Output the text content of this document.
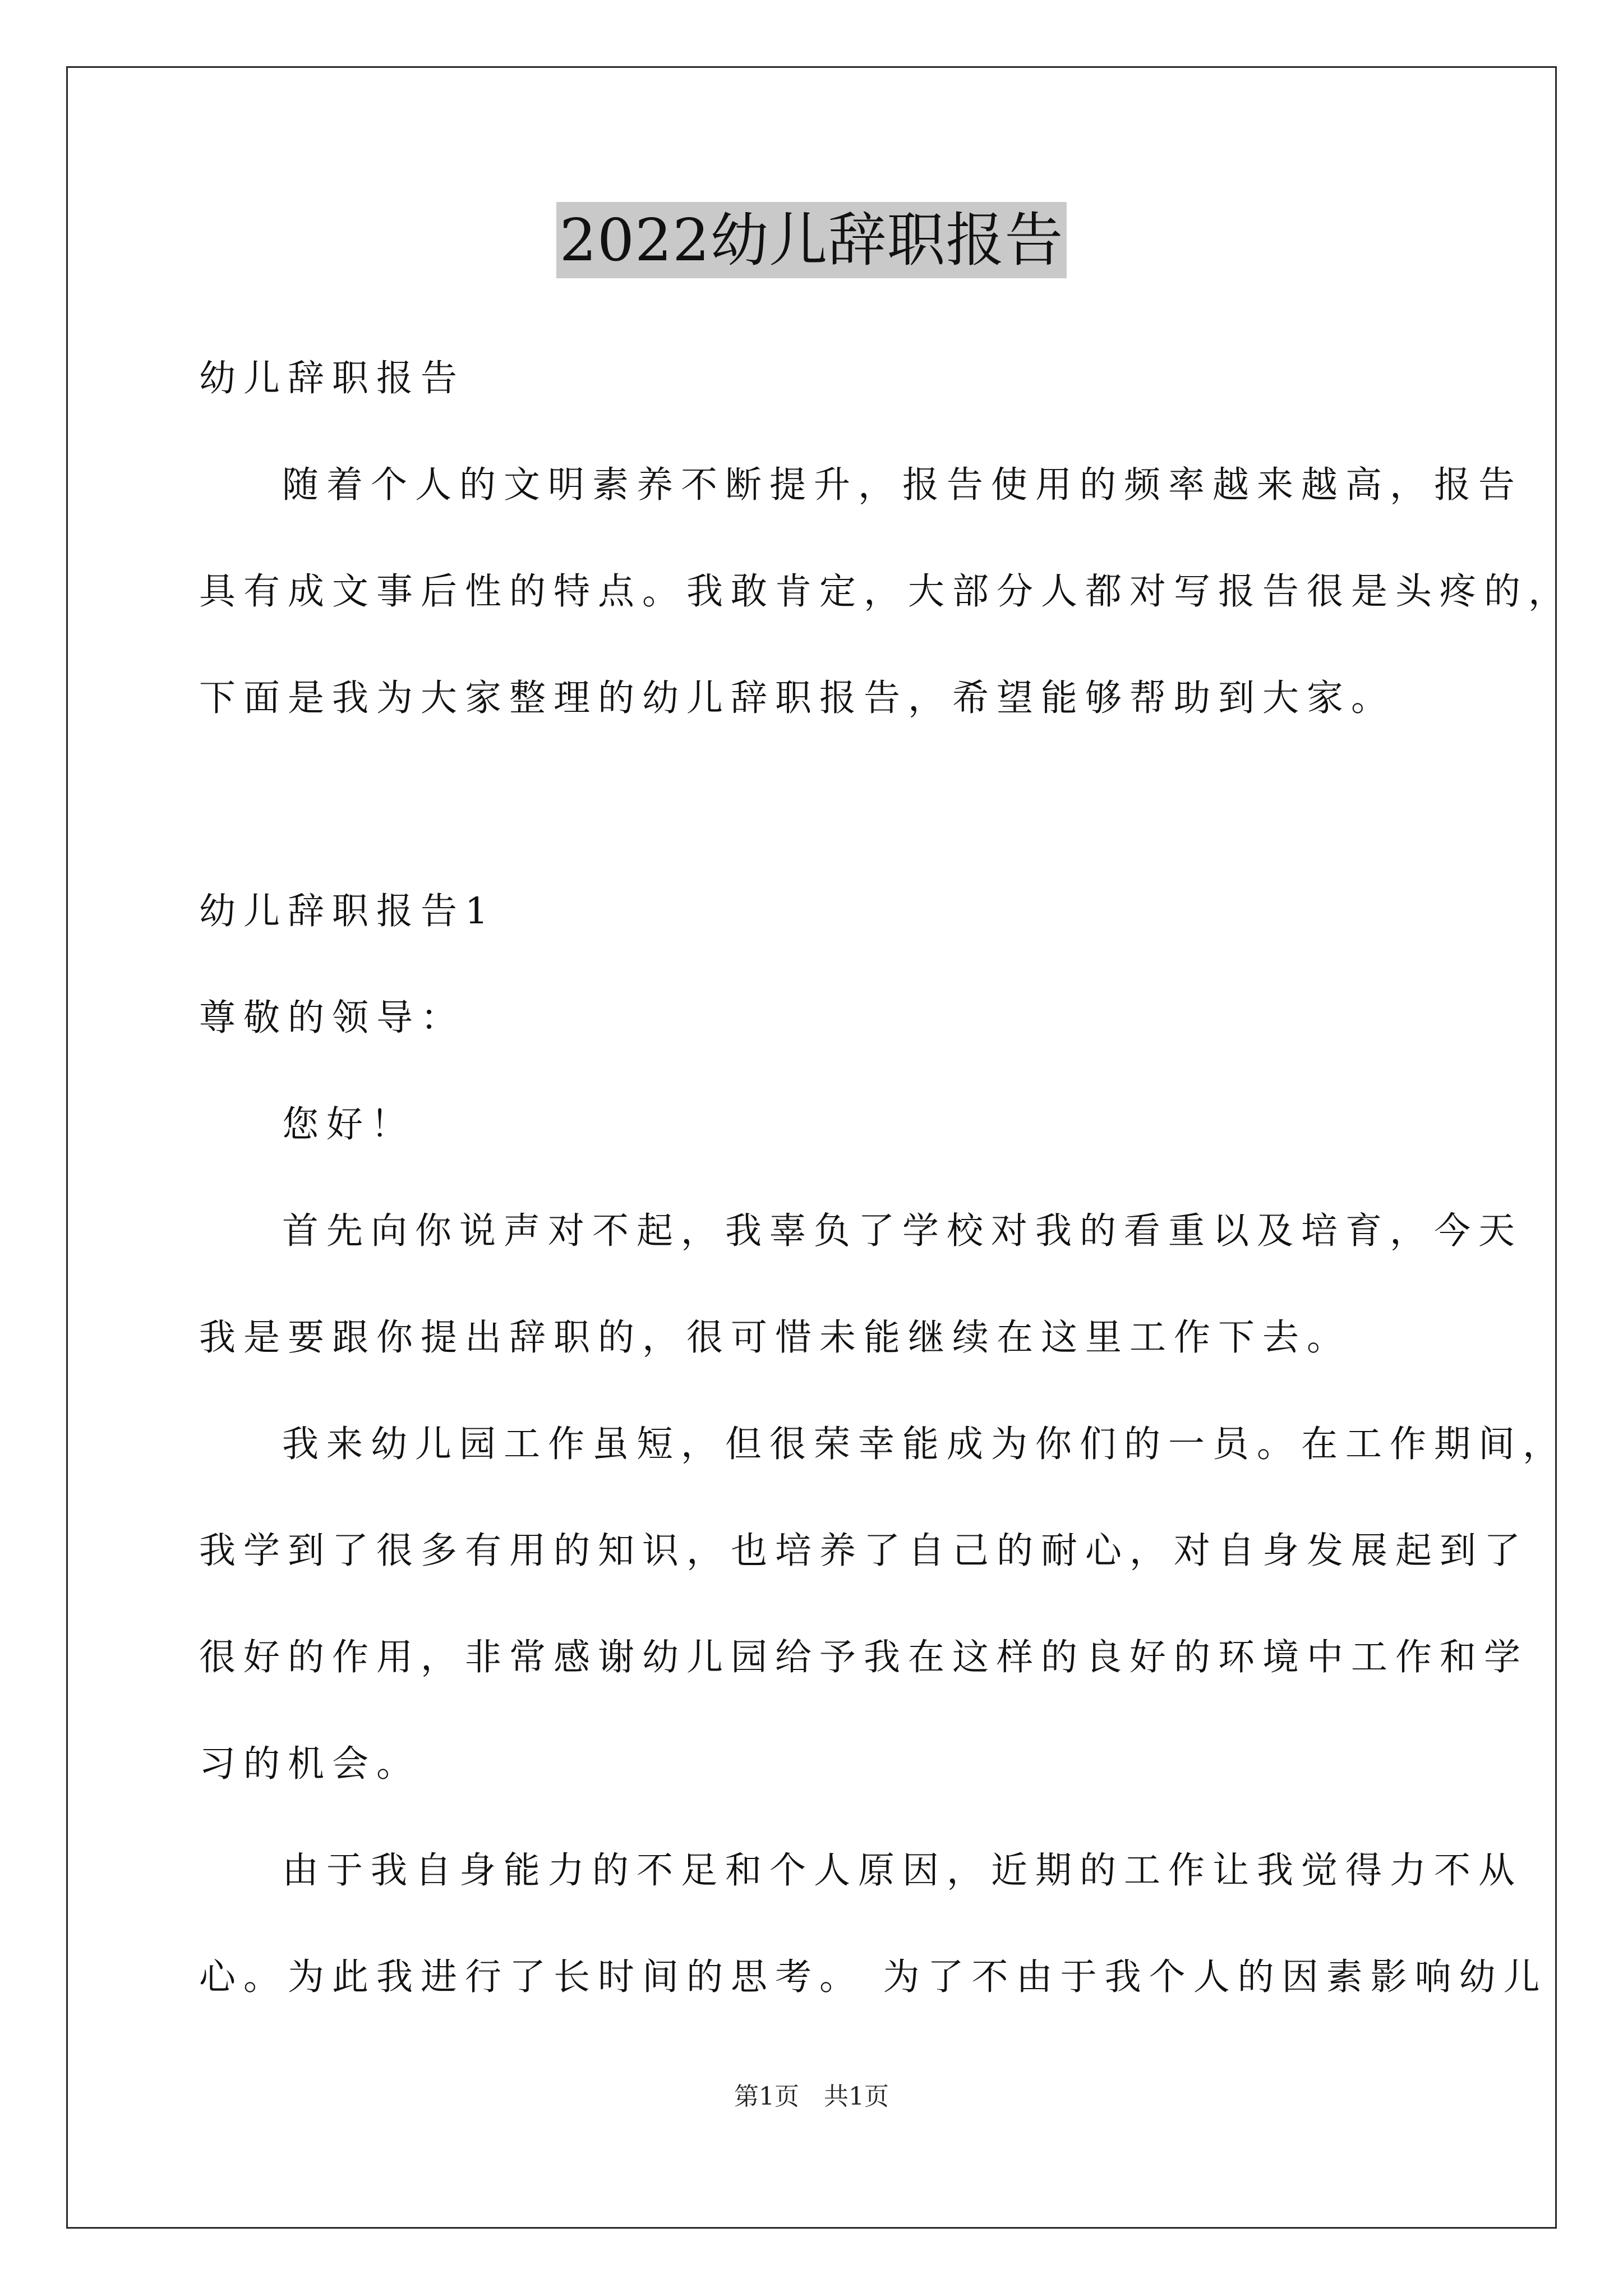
2022幼儿辞职报告
幼儿辞职报告
随着个人的文明素养不断提升，报告使用的频率越来越高，报告
具有成文事后性的特点。我敢肯定，大部分人都对写报告很是头疼的，
下面是我为大家整理的幼儿辞职报告，希望能够帮助到大家。
幼儿辞职报告1
尊敬的领导：
您好！
首先向你说声对不起，我辜负了学校对我的看重以及培育，今天
我是要跟你提出辞职的，很可惜未能继续在这里工作下去。
我来幼儿园工作虽短，但很荣幸能成为你们的一员。在工作期间，
我学到了很多有用的知识，也培养了自己的耐心，对自身发展起到了
很好的作用，非常感谢幼儿园给予我在这样的良好的环境中工作和学
习的机会。
由于我自身能力的不足和个人原因，近期的工作让我觉得力不从
心。为此我进行了长时间的思考。 为了不由于我个人的因素影响幼儿
第1页　共1页
